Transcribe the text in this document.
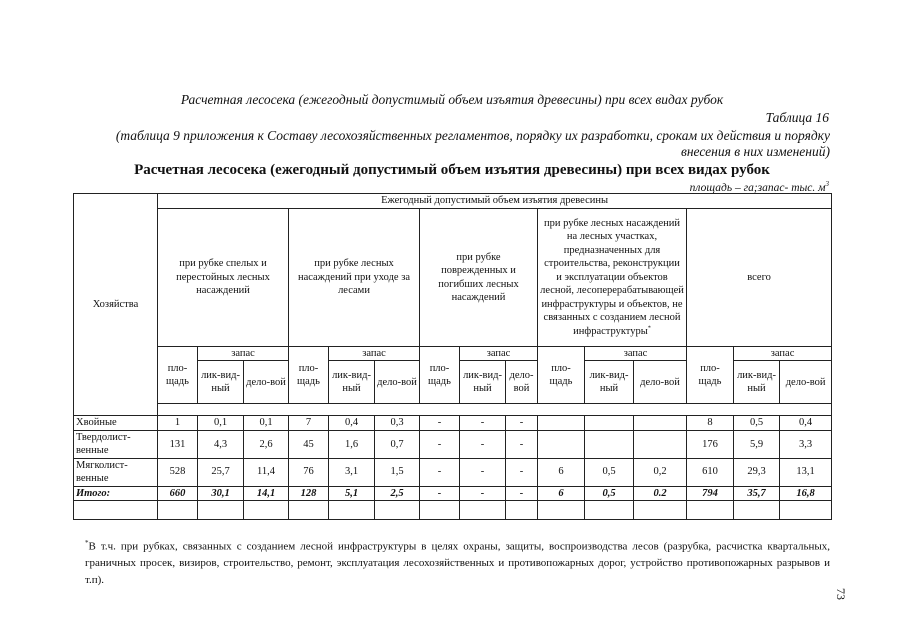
Расчетная лесосека (ежегодный допустимый объем изъятия древесины) при всех видах рубок
Таблица 16
(таблица 9 приложения к Составу лесохозяйственных регламентов, порядку их разработки, срокам их действия и порядку внесения в них изменений)
Расчетная лесосека (ежегодный допустимый объем изъятия древесины) при всех видах рубок
площадь – га;запас- тыс. $м^3$
Хозяйства	Ежегодный допустимый объем изъятия древесины														
	при рубке спелых и перестойных лесных насаждений			при рубке лесных насаждений при уходе за лесами			при рубке поврежденных и погибших лесных насаждений			при рубке лесных насаждений на лесных участках, предназначенных для строительства, реконструкции и эксплуатации объектов лесной, лесоперерабатывающей инфраструктуры и объектов, не связанных с созданием лесной инфраструктуры*			всего		
	пло-щадь	запас		пло-щадь	запас		пло-щадь	запас		пло-щадь	запас		пло-щадь	запас	
		лик-вид-ный	дело-вой		лик-вид-ный	дело-вой		лик-вид-ный	дело-вой		лик-вид-ный	дело-вой		лик-вид-ный	дело-вой

Хвойные	1	0,1	0,1	7	0,4	0,3	-	-	-				8	0,5	0,4
Твердолист-венные	131	4,3	2,6	45	1,6	0,7	-	-	-				176	5,9	3,3
Мягколист-венные	528	25,7	11,4	76	3,1	1,5	-	-	-	6	0,5	0,2	610	29,3	13,1
Итого:	660	30,1	14,1	128	5,1	2,5	-	-	-	6	0,5	0.2	794	35,7	16,8

*В т.ч. при рубках, связанных с созданием лесной инфраструктуры в целях охраны, защиты, воспроизводства лесов (разрубка, расчистка квартальных, граничных просек, визиров, строительство, ремонт, эксплуатация лесохозяйственных и противопожарных дорог, устройство противопожарных разрывов и т.п).
73
